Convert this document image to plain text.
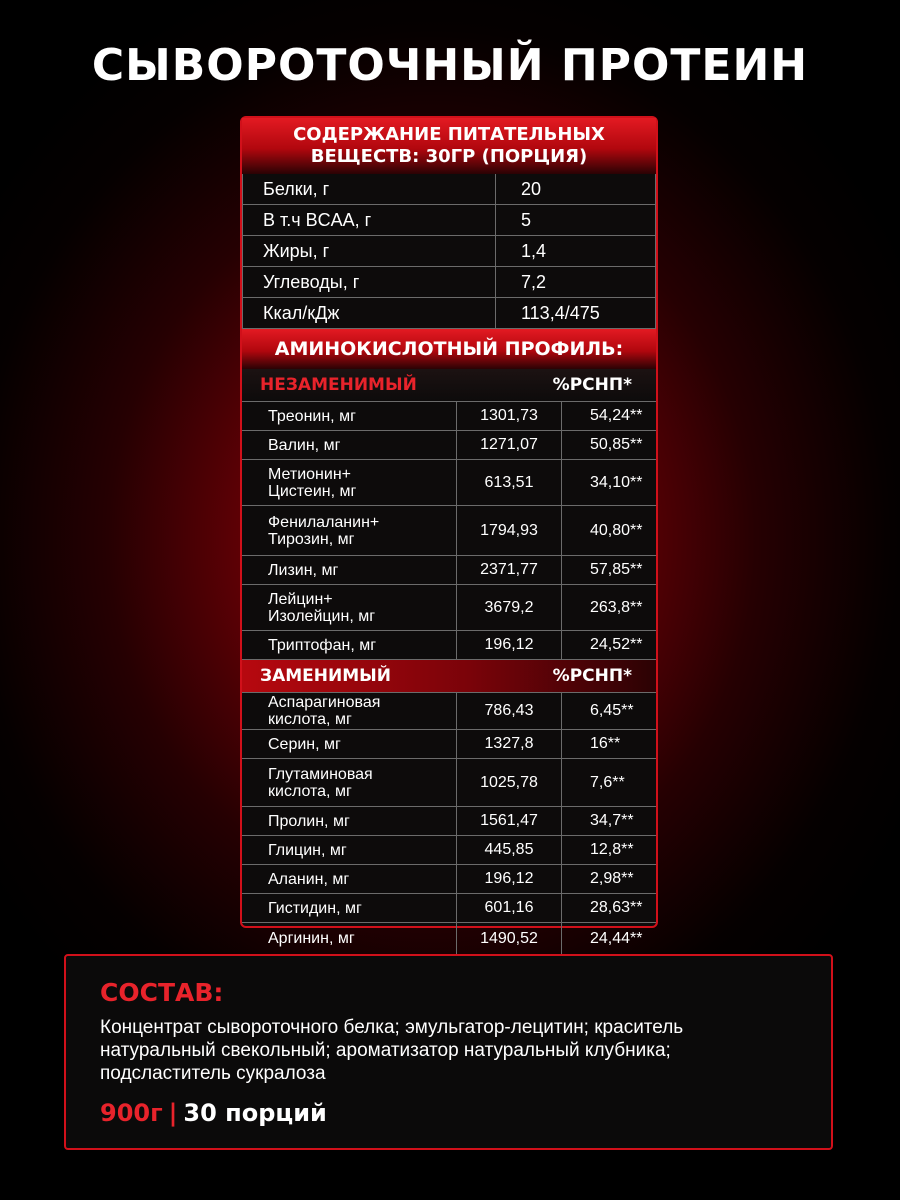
СЫВОРОТОЧНЫЙ ПРОТЕИН
СОДЕРЖАНИЕ ПИТАТЕЛЬНЫХ
ВЕЩЕСТВ: 30ГР (ПОРЦИЯ)
Белки, г	20
В т.ч BCAA, г	5
Жиры, г	1,4
Углеводы, г	7,2
Ккал/кДж	113,4/475
АМИНОКИСЛОТНЫЙ ПРОФИЛЬ:
НЕЗАМЕНИМЫЙ	%РСНП*
Треонин, мг	1301,73	54,24**

Валин, мг	1271,07	50,85**

Метионин+
Цистеин, мг	613,51	34,10**

Фенилаланин+
Тирозин, мг	1794,93	40,80**

Лизин, мг	2371,77	57,85**

Лейцин+
Изолейцин, мг	3679,2	263,8**

Триптофан, мг	196,12	24,52**
ЗАМЕНИМЫЙ	%РСНП*
Аспарагиновая
кислота, мг	786,43	6,45**

Серин, мг	1327,8	16**

Глутаминовая
кислота, мг	1025,78	7,6**

Пролин, мг	1561,47	34,7**

Глицин, мг	445,85	12,8**

Аланин, мг	196,12	2,98**

Гистидин, мг	601,16	28,63**

Аргинин, мг	1490,52	24,44**
СОСТАВ:
Концентрат сывороточного белка; эмульгатор-лецитин; краситель натуральный свекольный; ароматизатор натуральный клубника; подсластитель сукралоза
900г | 30 порций
